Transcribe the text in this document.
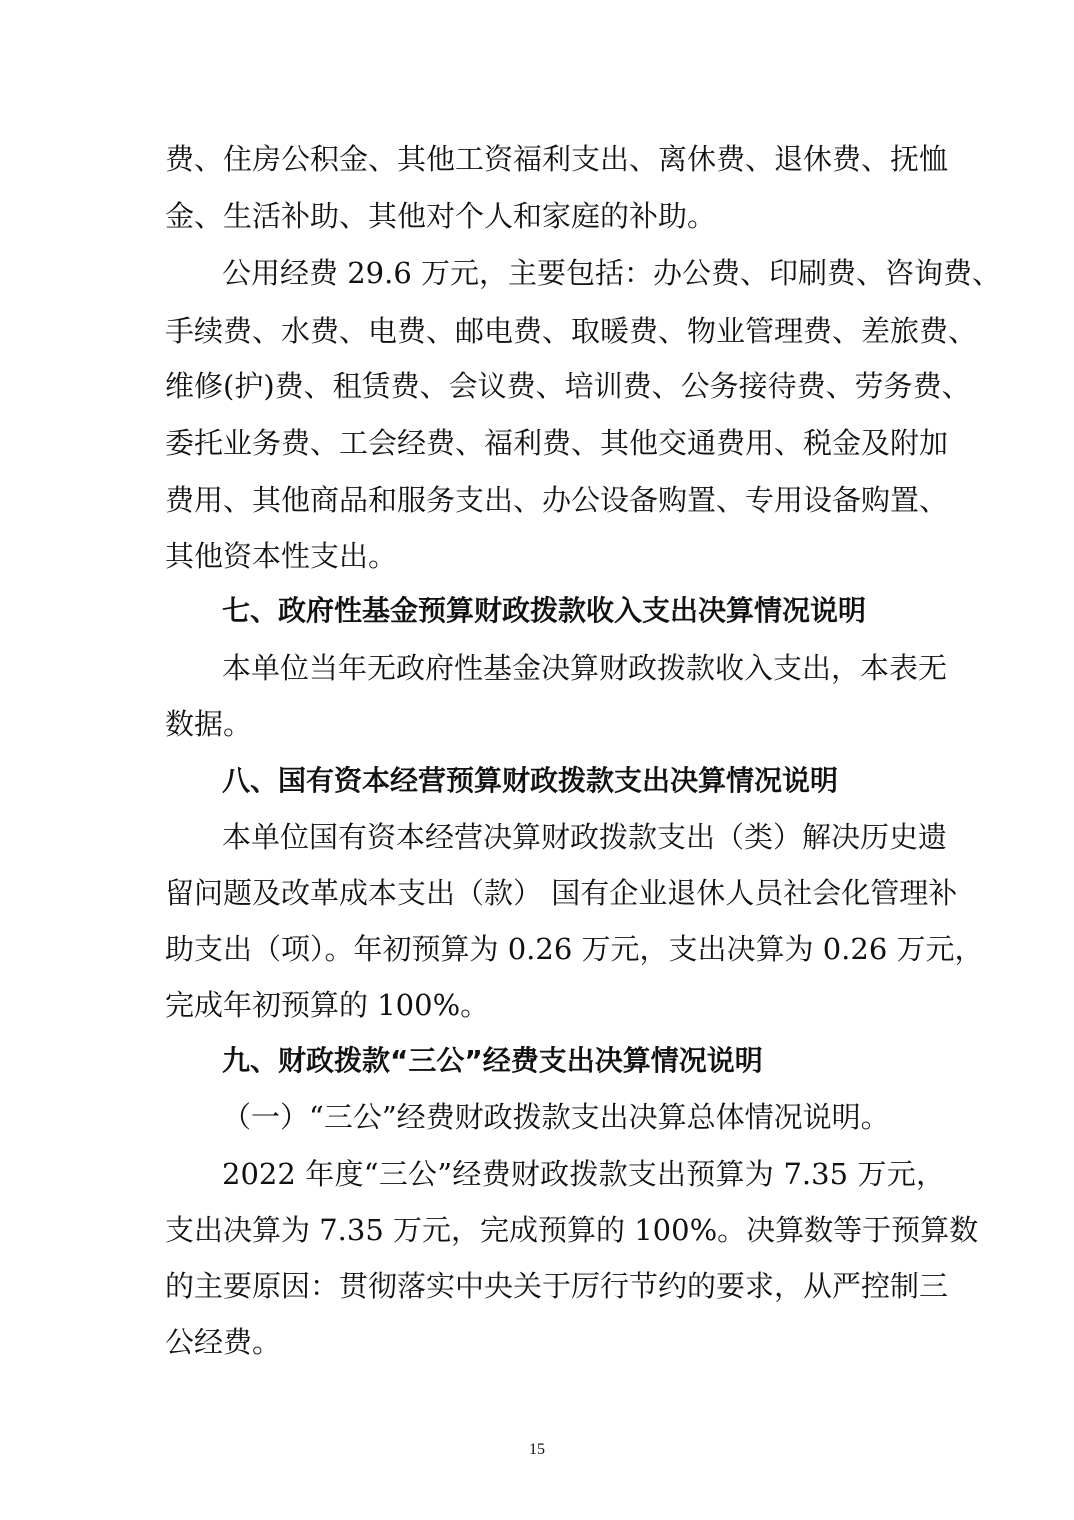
费、住房公积金、其他工资福利支出、离休费、退休费、抚恤
金、生活补助、其他对个人和家庭的补助。
公用经费 29.6 万元，主要包括：办公费、印刷费、咨询费、
手续费、水费、电费、邮电费、取暖费、物业管理费、差旅费、
维修(护)费、租赁费、会议费、培训费、公务接待费、劳务费、
委托业务费、工会经费、福利费、其他交通费用、税金及附加
费用、其他商品和服务支出、办公设备购置、专用设备购置、
其他资本性支出。
七、政府性基金预算财政拨款收入支出决算情况说明
本单位当年无政府性基金决算财政拨款收入支出，本表无
数据。
八、国有资本经营预算财政拨款支出决算情况说明
本单位国有资本经营决算财政拨款支出（类）解决历史遗
留问题及改革成本支出（款） 国有企业退休人员社会化管理补
助支出（项）。年初预算为 0.26 万元，支出决算为 0.26 万元，
完成年初预算的 100%。
九、财政拨款“三公”经费支出决算情况说明
（一）“三公”经费财政拨款支出决算总体情况说明。
2022 年度“三公”经费财政拨款支出预算为 7.35 万元，
支出决算为 7.35 万元，完成预算的 100%。决算数等于预算数
的主要原因：贯彻落实中央关于厉行节约的要求，从严控制三
公经费。
15
